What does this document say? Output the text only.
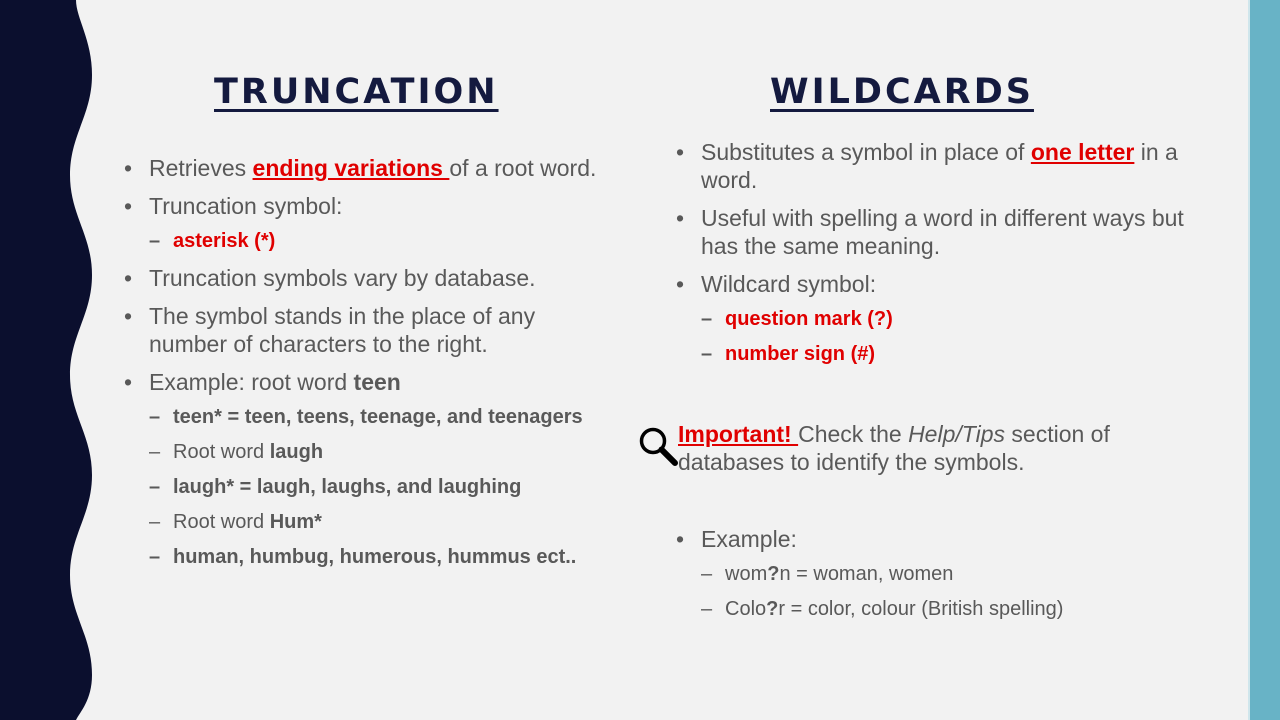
TRUNCATION	WILDCARDS
• Retrieves ending variations of a root word.
• Truncation symbol:
– asterisk (*)
• Truncation symbols vary by database.
• The symbol stands in the place of any number of characters to the right.
• Example: root word teen
– teen* = teen, teens, teenage, and teenagers
– Root word laugh
– laugh* = laugh, laughs, and laughing
– Root word Hum*
– human, humbug, humerous, hummus ect..
• Substitutes a symbol in place of one letter in a word.
• Useful with spelling a word in different ways but has the same meaning.
• Wildcard symbol:
– question mark (?)
– number sign (#)
Important! Check the Help/Tips section of databases to identify the symbols.
• Example:
– wom?n = woman, women
– Colo?r = color, colour (British spelling)
